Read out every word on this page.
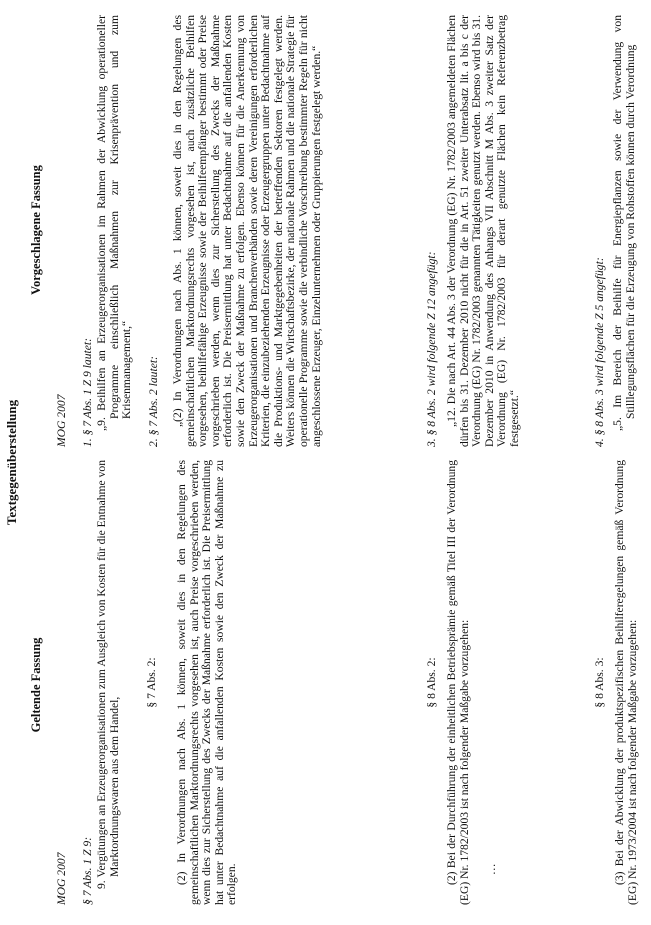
Textgegenüberstellung
Geltende Fassung
Vorgeschlagene Fassung

MOG 2007 § 7 Abs. 1 Z 9: 9. Vergütungen an Erzeugerorganisationen zum Ausgleich von Kosten für die Entnahme von Marktordnungswaren aus dem Handel,

§ 7 Abs. 2: (2) In Verordnungen nach Abs. 1 können, soweit dies in den Regelungen des gemeinschaftlichen Marktordnungsrechts vorgesehen ist, auch Preise vorgeschrieben werden, wenn dies zur Sicherstellung des Zwecks der Maßnahme erforderlich ist. Die Preisermittlung hat unter Bedachtnahme auf die anfallenden Kosten sowie den Zweck der Maßnahme zu erfolgen.

§ 8 Abs. 2: (2) Bei der Durchführung der einheitlichen Betriebsprämie gemäß Titel III der Verordnung (EG) Nr. 1782/2003 ist nach folgender Maßgabe vorzugehen: …

§ 8 Abs. 3: (3) Bei der Abwicklung der produktspezifischen Beihilferegelungen gemäß Verordnung (EG) Nr. 1973/2004 ist nach folgender Maßgabe vorzugehen:

MOG 2007 1. § 7 Abs. 1 Z 9 lautet: „9. Beihilfen an Erzeugerorganisationen im Rahmen der Abwicklung operationeller Programme einschließlich Maßnahmen zur Krisenprävention und zum Krisenmanagement,“ 2. § 7 Abs. 2 lautet: „(2) In Verordnungen nach Abs. 1 können, soweit dies in den Regelungen des gemeinschaftlichen Marktordnungsrechts vorgesehen ist, auch zusätzliche Beihilfen vorgesehen, beihilfefähige Erzeugnisse sowie der Beihilfeempfänger bestimmt oder Preise vorgeschrieben werden, wenn dies zur Sicherstellung des Zwecks der Maßnahme erforderlich ist. Die Preisermittlung hat unter Bedachtnahme auf die anfallenden Kosten sowie den Zweck der Maßnahme zu erfolgen. Ebenso können für die Anerkennung von Erzeugerorganisationen und Branchenverbänden sowie deren Vereinigungen erforderlichen Kriterien, die einzubeziehenden Erzeugnisse oder Erzeugergruppen unter Bedachtnahme auf die Produktions- und Marktgegebenheiten der betreffenden Sektoren festgelegt werden. Weiters können die Wirtschaftsbezirke, der nationale Rahmen und die nationale Strategie für operationelle Programme sowie die verbindliche Vorschreibung bestimmter Regeln für nicht angeschlossene Erzeuger, Einzelunternehmen oder Gruppierungen festgelegt werden.“	3. § 8 Abs. 2 wird folgende Z 12 angefügt: „12. Die nach Art. 44 Abs. 3 der Verordnung (EG) Nr. 1782/2003 angemeldeten Flächen dürfen bis 31. Dezember 2010 nicht für die in Art. 51 zweiter Unterabsatz lit. a bis c der Verordnung (EG) Nr. 1782/2003 genannten Tätigkeiten genutzt werden. Ebenso wird bis 31. Dezember 2010 in Anwendung des Anhangs VII Abschnitt M Abs. 3 zweiter Satz der Verordnung (EG) Nr. 1782/2003 für derart genutzte Flächen kein Referenzbetrag festgesetzt.“	4. § 8 Abs. 3 wird folgende Z 5 angefügt: „5. Im Bereich der Beihilfe für Energiepflanzen sowie der Verwendung von Stilllegungsflächen für die Erzeugung von Rohstoffen können durch Verordnung
